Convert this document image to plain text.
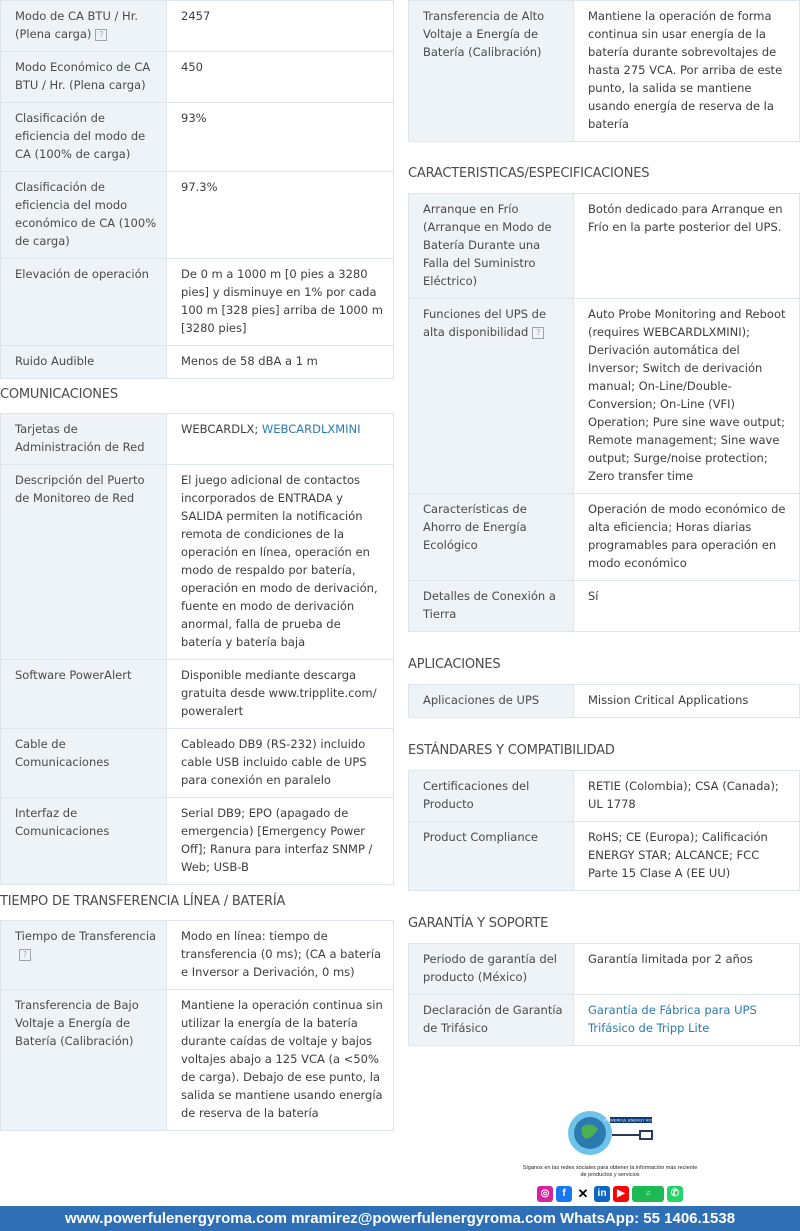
Modo de CA BTU / Hr. (Plena carga) ?	2457
Modo Económico de CA BTU / Hr. (Plena carga)	450
Clasificación de eficiencia del modo de CA (100% de carga)	93%
Clasificación de eficiencia del modo económico de CA (100% de carga)	97.3%
Elevación de operación	De 0 m a 1000 m [0 pies a 3280 pies] y disminuye en 1% por cada 100 m [328 pies] arriba de 1000 m [3280 pies]
Ruido Audible	Menos de 58 dBA a 1 m
COMUNICACIONES
Tarjetas de Administración de Red	WEBCARDLX; WEBCARDLXMINI
Descripción del Puerto de Monitoreo de Red	El juego adicional de contactos incorporados de ENTRADA y SALIDA permiten la notificación remota de condiciones de la operación en línea, operación en modo de respaldo por batería, operación en modo de derivación, fuente en modo de derivación anormal, falla de prueba de batería y batería baja
Software PowerAlert	Disponible mediante descarga gratuita desde www.tripplite.com/ poweralert
Cable de Comunicaciones	Cableado DB9 (RS-232) incluido cable USB incluido cable de UPS para conexión en paralelo
Interfaz de Comunicaciones	Serial DB9; EPO (apagado de emergencia) [Emergency Power Off]; Ranura para interfaz SNMP / Web; USB-B
TIEMPO DE TRANSFERENCIA LÍNEA / BATERÍA
Tiempo de Transferencia?	Modo en línea: tiempo de transferencia (0 ms); (CA a batería e Inversor a Derivación, 0 ms)
Transferencia de Bajo Voltaje a Energía de Batería (Calibración)	Mantiene la operación continua sin utilizar la energía de la batería durante caídas de voltaje y bajos voltajes abajo a 125 VCA (a <50% de carga). Debajo de ese punto, la salida se mantiene usando energía de reserva de la batería
Transferencia de Alto Voltaje a Energía de Batería (Calibración)	Mantiene la operación de forma continua sin usar energía de la batería durante sobrevoltajes de hasta 275 VCA. Por arriba de este punto, la salida se mantiene usando energía de reserva de la batería
CARACTERISTICAS/ESPECIFICACIONES
Arranque en Frío (Arranque en Modo de Batería Durante una Falla del Suministro Eléctrico)	Botón dedicado para Arranque en Frío en la parte posterior del UPS.
Funciones del UPS de alta disponibilidad ?	Auto Probe Monitoring and Reboot (requires WEBCARDLXMINI); Derivación automática del Inversor; Switch de derivación manual; On-Line/Double-Conversion; On-Line (VFI) Operation; Pure sine wave output; Remote management; Sine wave output; Surge/noise protection; Zero transfer time
Características de Ahorro de Energía Ecológico	Operación de modo económico de alta eficiencia; Horas diarias programables para operación en modo económico
Detalles de Conexión a Tierra	Sí
APLICACIONES
Aplicaciones de UPS	Mission Critical Applications
ESTÁNDARES Y COMPATIBILIDAD
Certificaciones del Producto	RETIE (Colombia); CSA (Canada); UL 1778
Product Compliance	RoHS; CE (Europa); Calificación ENERGY STAR; ALCANCE; FCC Parte 15 Clase A (EE UU)
GARANTÍA Y SOPORTE
Periodo de garantía del producto (México)	Garantía limitada por 2 años
Declaración de Garantía de Trifásico	Garantía de Fábrica para UPS Trifásico de Tripp Lite
POWERFUL ENERGY ROMA
Síganos en las redes sociales para obtener la información más reciente de productos y servicios
◎	f ✕ in	▶	♫	✆
www.powerfulenergyroma.com mramirez@powerfulenergyroma.com WhatsApp: 55 1406.1538
